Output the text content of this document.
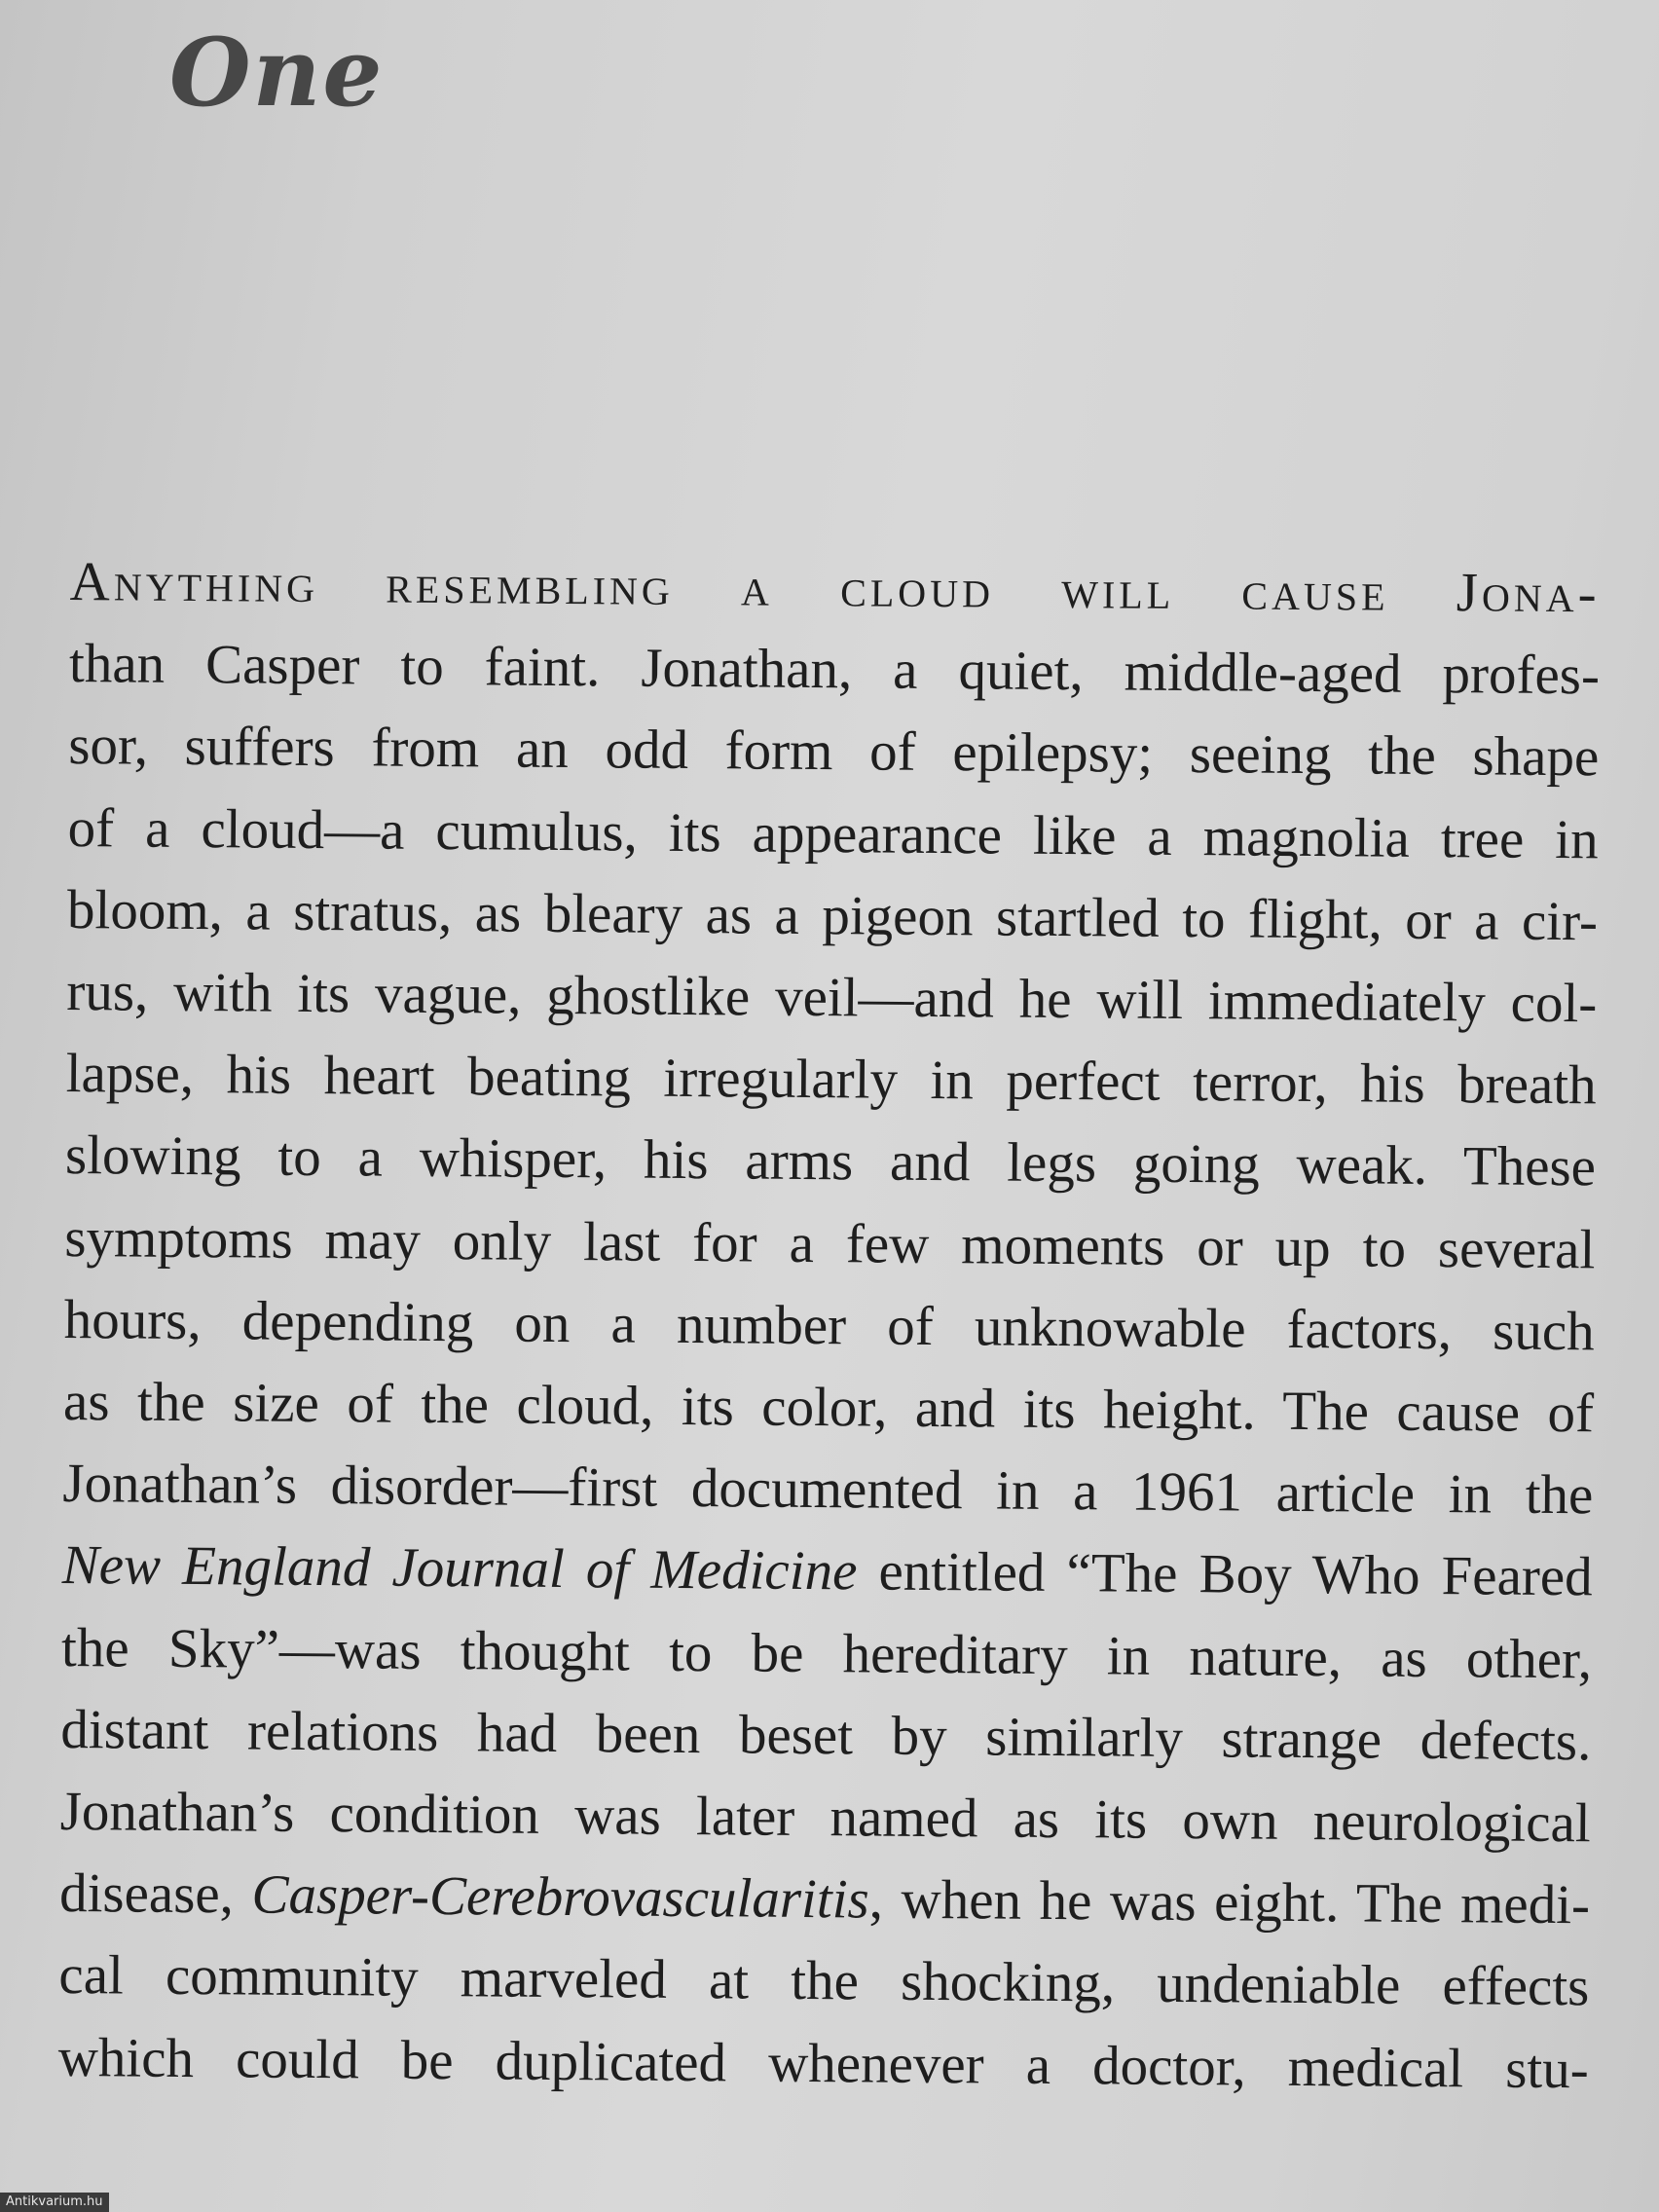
One

Anything resembling a cloud will cause Jona-
than Casper to faint. Jonathan, a quiet, middle-aged profes-
sor, suffers from an odd form of epilepsy; seeing the shape
of a cloud—a cumulus, its appearance like a magnolia tree in
bloom, a stratus, as bleary as a pigeon startled to flight, or a cir-
rus, with its vague, ghostlike veil—and he will immediately col-
lapse, his heart beating irregularly in perfect terror, his breath
slowing to a whisper, his arms and legs going weak. These
symptoms may only last for a few moments or up to several
hours, depending on a number of unknowable factors, such
as the size of the cloud, its color, and its height. The cause of
Jonathan’s disorder—first documented in a 1961 article in the
New England Journal of Medicine entitled “The Boy Who Feared
the Sky”—was thought to be hereditary in nature, as other,
distant relations had been beset by similarly strange defects.
Jonathan’s condition was later named as its own neurological
disease, Casper-Cerebrovascularitis, when he was eight. The medi-
cal community marveled at the shocking, undeniable effects
which could be duplicated whenever a doctor, medical stu-

Antikvarium.hu
